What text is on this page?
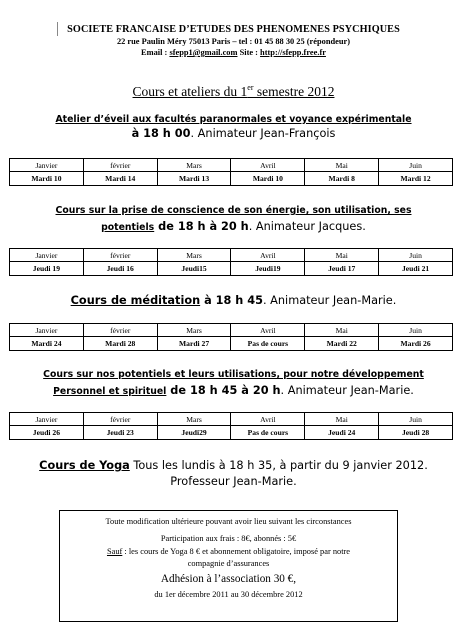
SOCIETE FRANCAISE D’ETUDES DES PHENOMENES PSYCHIQUES
22 rue Paulin Méry 75013 Paris – tel : 01 45 88 30 25 (répondeur)
Email : sfepp1@gmail.com Site : http://sfepp.free.fr
Cours et ateliers du 1er semestre 2012
Atelier d’éveil aux facultés paranormales et voyance expérimentale
à 18 h 00. Animateur Jean-François
Janvier	février	Mars	Avril	Mai	Juin
Mardi 10	Mardi 14	Mardi 13	Mardi 10	Mardi 8	Mardi 12
Cours sur la prise de conscience de son énergie, son utilisation, ses
potentiels de 18 h à 20 h. Animateur Jacques.
Janvier	février	Mars	Avril	Mai	Juin
Jeudi 19	Jeudi 16	Jeudi15	Jeudi19	Jeudi 17	Jeudi 21
Cours de méditation à 18 h 45. Animateur Jean-Marie.
Janvier	février	Mars	Avril	Mai	Juin
Mardi 24	Mardi 28	Mardi 27	Pas de cours	Mardi 22	Mardi 26
Cours sur nos potentiels et leurs utilisations, pour notre développement
Personnel et spirituel de 18 h 45 à 20 h. Animateur Jean-Marie.
Janvier	février	Mars	Avril	Mai	Juin
Jeudi 26	Jeudi 23	Jeudi29	Pas de cours	Jeudi 24	Jeudi 28
Cours de Yoga Tous les lundis à 18 h 35, à partir du 9 janvier 2012.
Professeur Jean-Marie.
Toute modification ultérieure pouvant avoir lieu suivant les circonstances
Participation aux frais : 8€, abonnés : 5€
Sauf : les cours de Yoga 8 € et abonnement obligatoire, imposé par notre
compagnie d’assurances
Adhésion à l’association 30 €,
du 1er décembre 2011 au 30 décembre 2012
